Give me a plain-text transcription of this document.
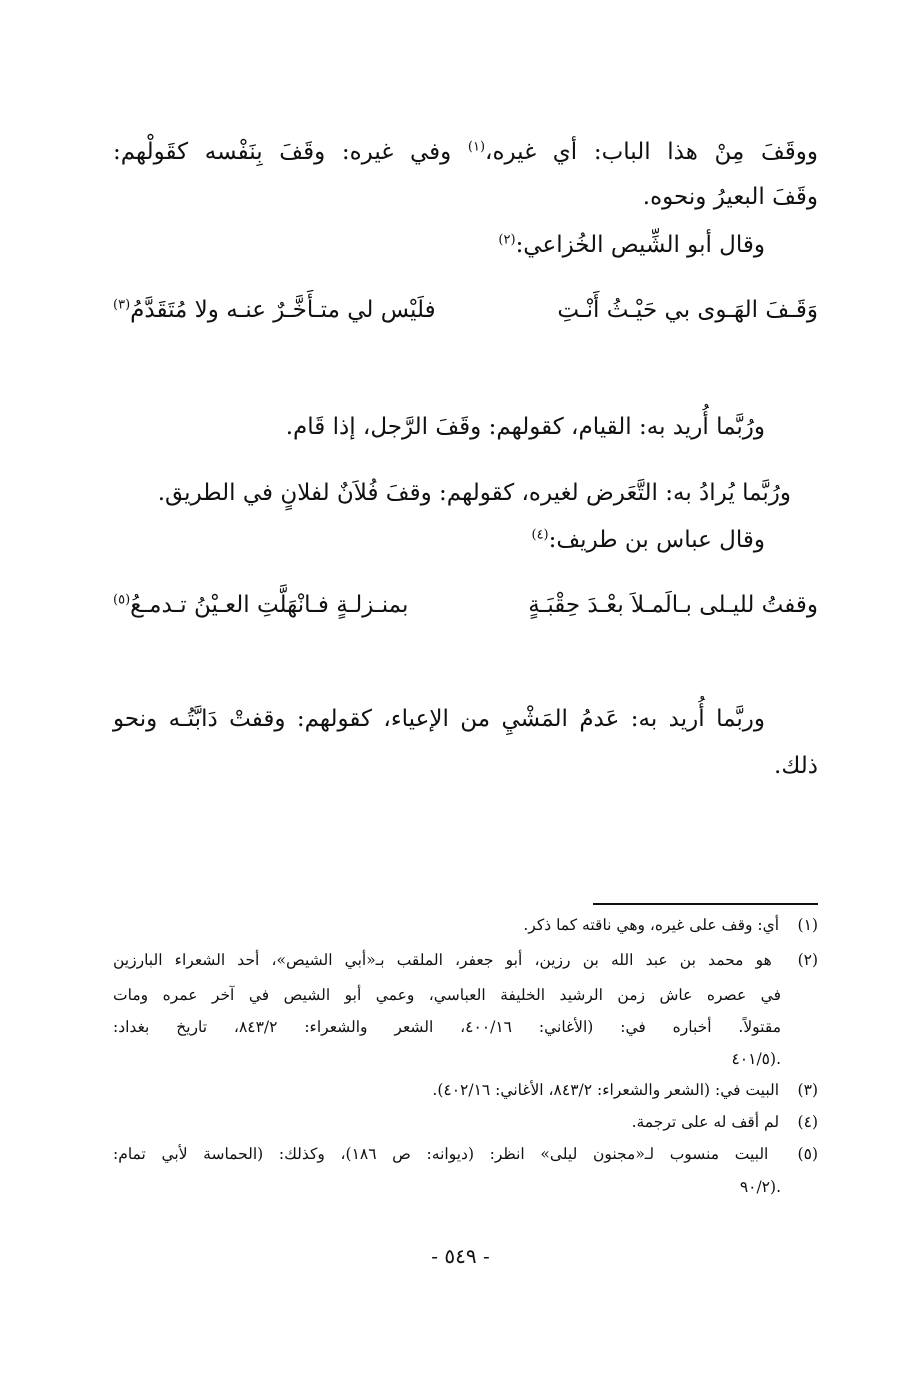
ووقَفَ مِنْ هذا الباب: أي غيره،$^{(١)}$ وفي غيره: وقَفَ بِنَفْسه كقَولْهم:
وقَفَ البعيرُ ونحوه.
وقال أبو الشِّيص الخُزاعي:$^{(٢)}$
وَقَـفَ الهَـوى بي حَيْـثُ أَنْـتِ
فلَيْس لي متـأَخَّـرٌ عنـه ولا مُتَقَدَّمُ$^{(٣)}$
ورُبَّما أُريد به: القيام، كقولهم: وقَفَ الرَّجل، إذا قَام.
ورُبَّما يُرادُ به: التَّعَرض لغيره، كقولهم: وقفَ فُلاَنٌ لفلانٍ في الطريق.
وقال عباس بن طريف:$^{(٤)}$
وقفتُ لليـلى بـالَمـلاَ بعْـدَ حِقْبَـةٍ
بمنـزلـةٍ فـانْهَلَّتِ العـيْنُ تـدمـعُ$^{(٥)}$
وربَّما أُريد به: عَدمُ المَشْيِ من الإعياء، كقولهم: وقفتْ دَابَّتُـه ونحو
ذلك.
(١) أي: وقف على غيره، وهي ناقته كما ذكر.
(٢) هو محمد بن عبد الله بن رزين، أبو جعفر، الملقب بـ«أبي الشيص»، أحد الشعراء البارزين
في عصره عاش زمن الرشيد الخليفة العباسي، وعمي أبو الشيص في آخر عمره ومات
مقتولاً. أخباره في: (الأغاني: ٤٠٠/١٦، الشعر والشعراء: ٨٤٣/٢، تاريخ بغداد:
٤٠١/٥).
(٣) البيت في: (الشعر والشعراء: ٨٤٣/٢، الأغاني: ٤٠٢/١٦).
(٤) لم أقف له على ترجمة.
(٥) البيت منسوب لـ«مجنون ليلى» انظر: (ديوانه: ص ١٨٦)، وكذلك: (الحماسة لأبي تمام:
٩٠/٢).
- ٥٤٩ -
